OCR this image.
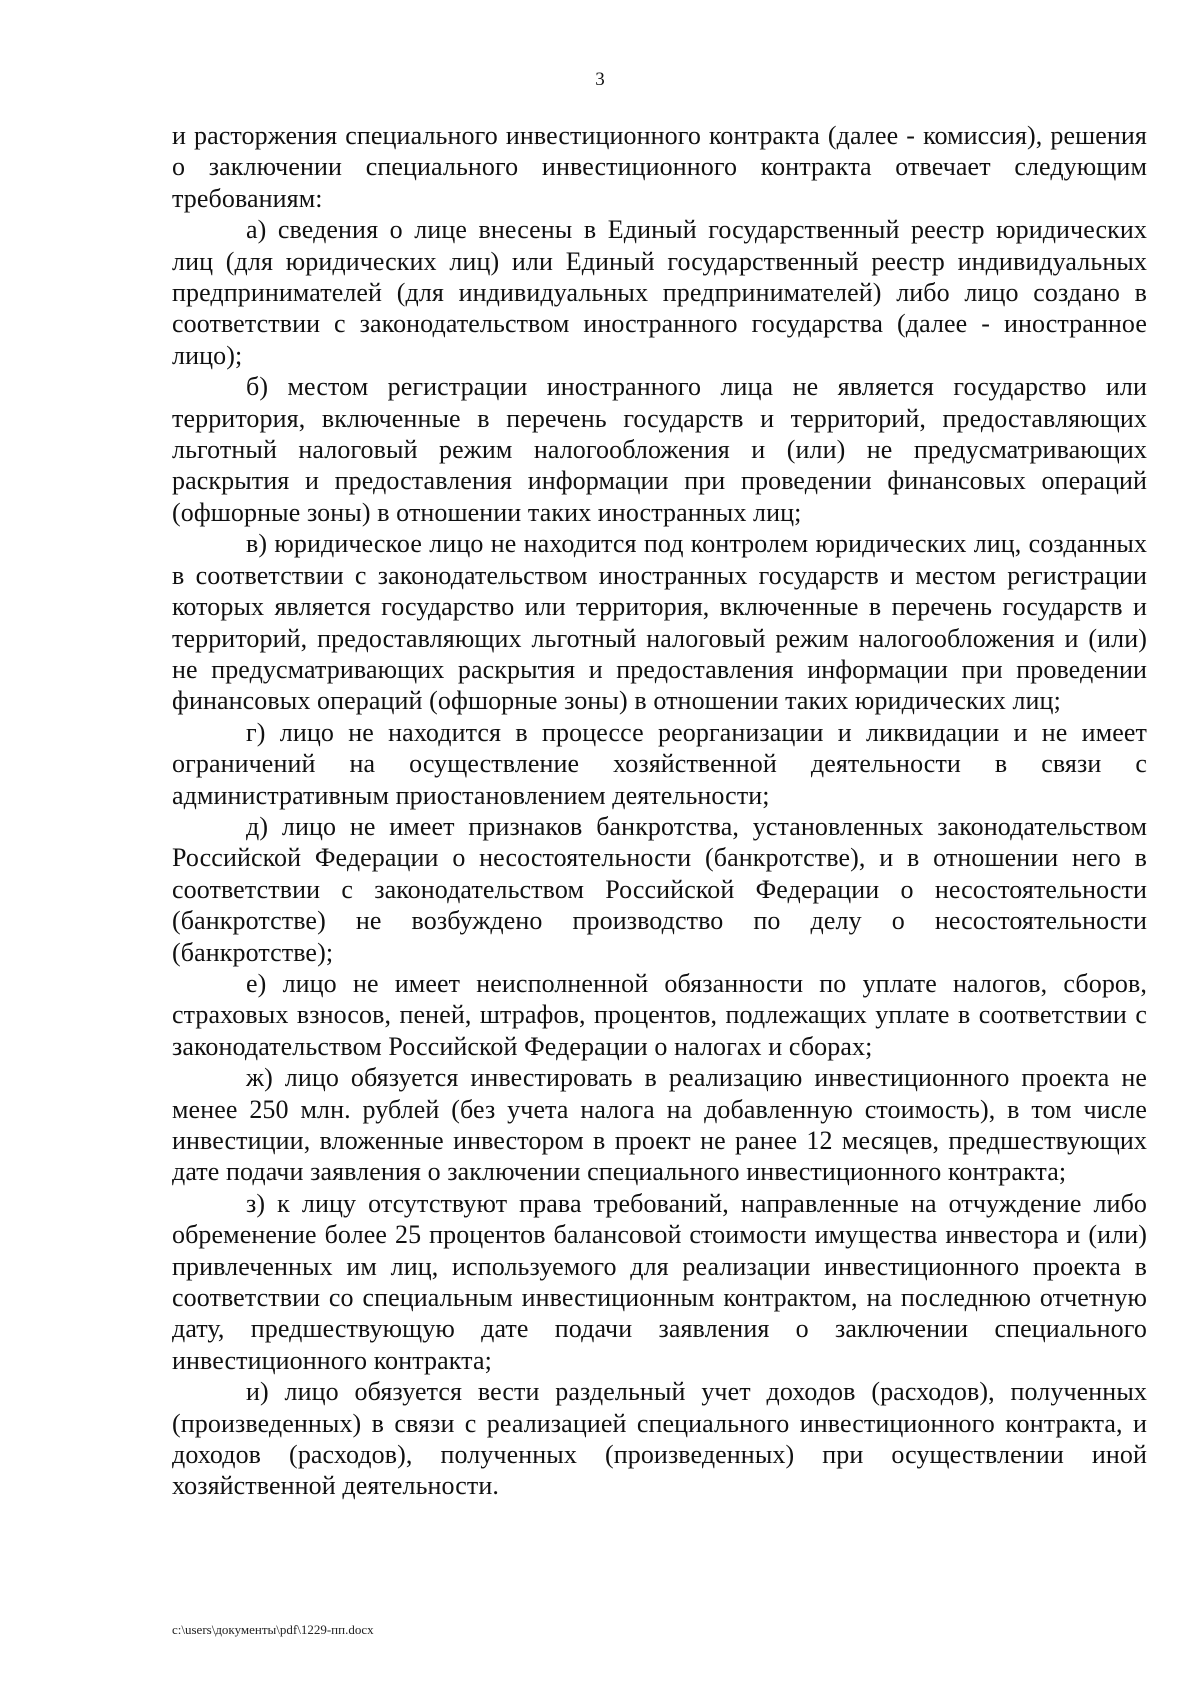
3

и расторжения специального инвестиционного контракта (далее - комиссия), решения о заключении специального инвестиционного контракта отвечает следующим требованиям:

а) сведения о лице внесены в Единый государственный реестр юридических лиц (для юридических лиц) или Единый государственный реестр индивидуальных предпринимателей (для индивидуальных предпринимателей) либо лицо создано в соответствии с законодательством иностранного государства (далее - иностранное лицо);

б) местом регистрации иностранного лица не является государство или территория, включенные в перечень государств и территорий, предоставляющих льготный налоговый режим налогообложения и (или) не предусматривающих раскрытия и предоставления информации при проведении финансовых операций (офшорные зоны) в отношении таких иностранных лиц;

в) юридическое лицо не находится под контролем юридических лиц, созданных в соответствии с законодательством иностранных государств и местом регистрации которых является государство или территория, включенные в перечень государств и территорий, предоставляющих льготный налоговый режим налогообложения и (или) не предусматривающих раскрытия и предоставления информации при проведении финансовых операций (офшорные зоны) в отношении таких юридических лиц;

г) лицо не находится в процессе реорганизации и ликвидации и не имеет ограничений на осуществление хозяйственной деятельности в связи с административным приостановлением деятельности;

д) лицо не имеет признаков банкротства, установленных законодательством Российской Федерации о несостоятельности (банкротстве), и в отношении него в соответствии с законодательством Российской Федерации о несостоятельности (банкротстве) не возбуждено производство по делу о несостоятельности (банкротстве);

е) лицо не имеет неисполненной обязанности по уплате налогов, сборов, страховых взносов, пеней, штрафов, процентов, подлежащих уплате в соответствии с законодательством Российской Федерации о налогах и сборах;

ж) лицо обязуется инвестировать в реализацию инвестиционного проекта не менее 250 млн. рублей (без учета налога на добавленную стоимость), в том числе инвестиции, вложенные инвестором в проект не ранее 12 месяцев, предшествующих дате подачи заявления о заключении специального инвестиционного контракта;

з) к лицу отсутствуют права требований, направленные на отчуждение либо обременение более 25 процентов балансовой стоимости имущества инвестора и (или) привлеченных им лиц, используемого для реализации инвестиционного проекта в соответствии со специальным инвестиционным контрактом, на последнюю отчетную дату, предшествующую дате подачи заявления о заключении специального инвестиционного контракта;

и) лицо обязуется вести раздельный учет доходов (расходов), полученных (произведенных) в связи с реализацией специального инвестиционного контракта, и доходов (расходов), полученных (произведенных) при осуществлении иной хозяйственной деятельности.

c:\users\документы\pdf\1229-пп.docx
